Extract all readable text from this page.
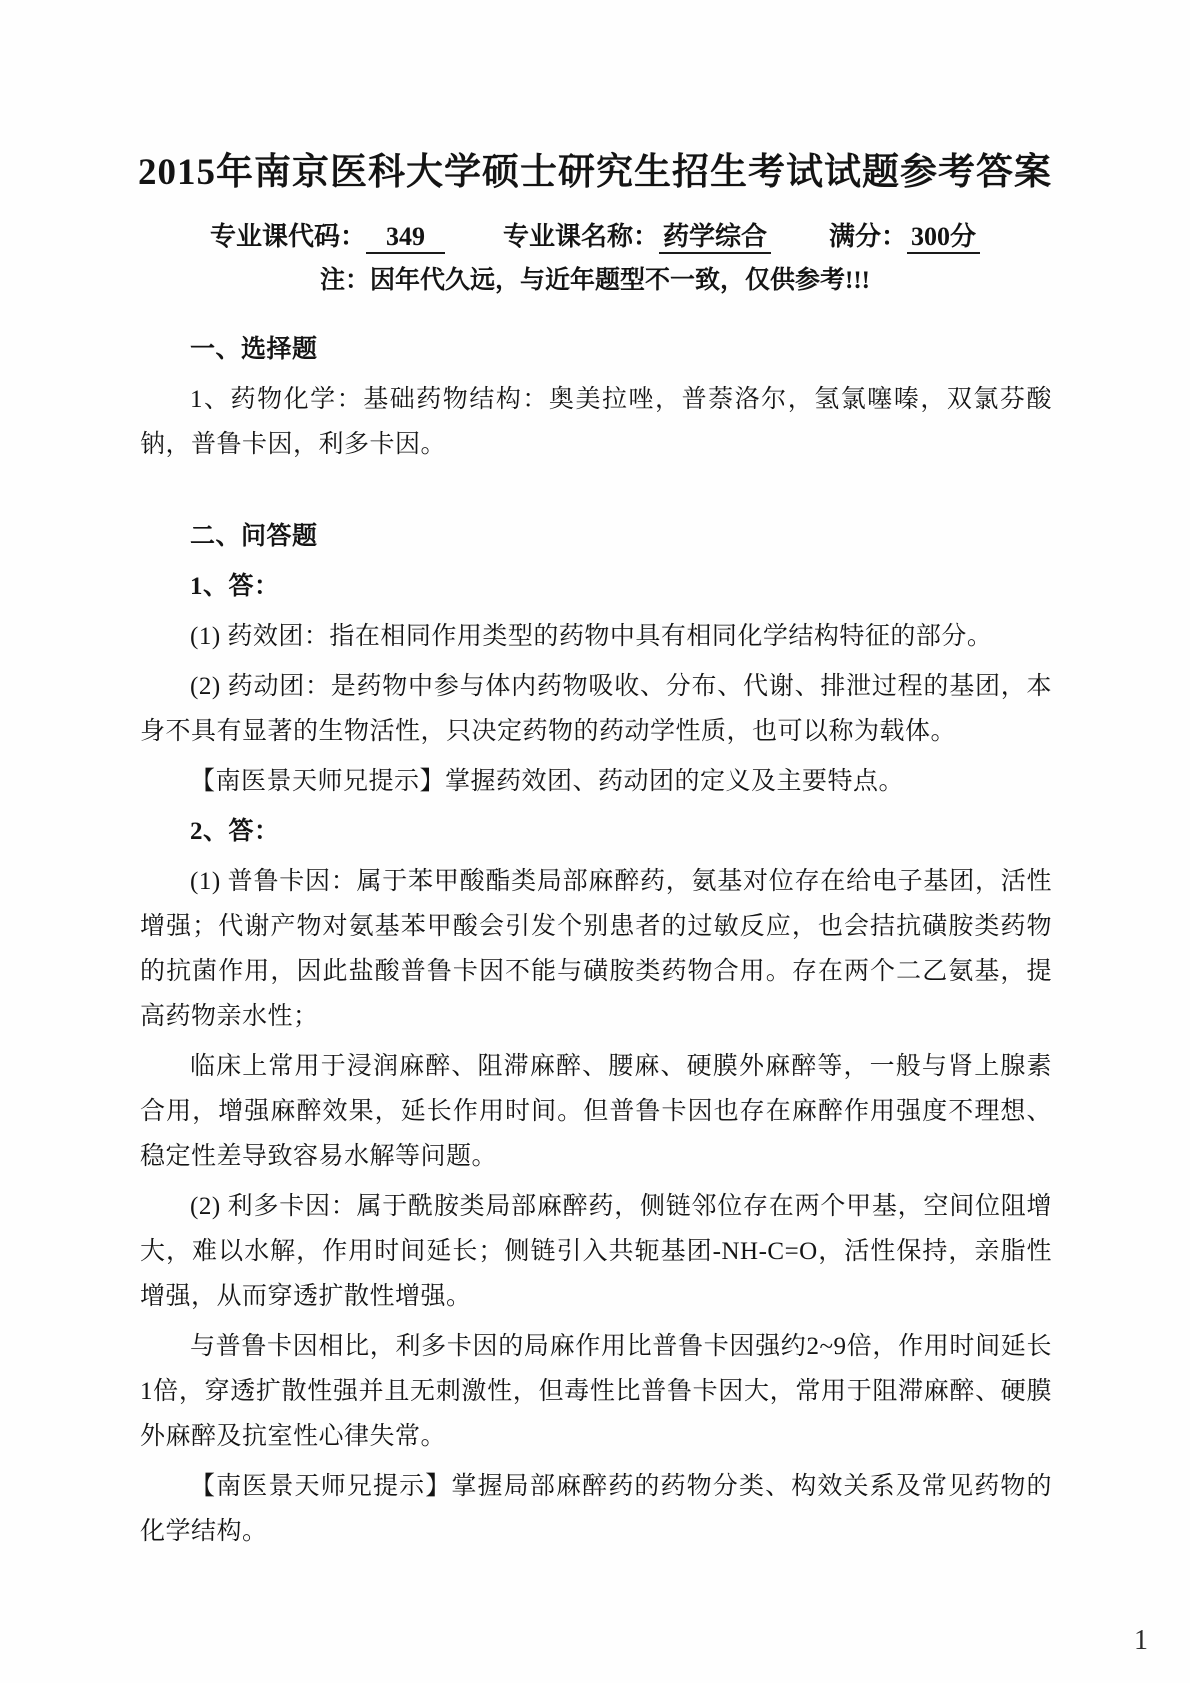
2015年南京医科大学硕士研究生招生考试试题参考答案
专业课代码： 349	专业课名称： 药学综合 满分： 300分
注：因年代久远，与近年题型不一致，仅供参考!!!

一、选择题

1、药物化学：基础药物结构：奥美拉唑，普萘洛尔，氢氯噻嗪，双氯芬酸钠，普鲁卡因，利多卡因。

二、问答题

1、答：

(1) 药效团：指在相同作用类型的药物中具有相同化学结构特征的部分。

(2) 药动团：是药物中参与体内药物吸收、分布、代谢、排泄过程的基团，本身不具有显著的生物活性，只决定药物的药动学性质，也可以称为载体。

【南医景天师兄提示】掌握药效团、药动团的定义及主要特点。

2、答：

(1) 普鲁卡因：属于苯甲酸酯类局部麻醉药，氨基对位存在给电子基团，活性增强；代谢产物对氨基苯甲酸会引发个别患者的过敏反应，也会拮抗磺胺类药物的抗菌作用，因此盐酸普鲁卡因不能与磺胺类药物合用。存在两个二乙氨基，提高药物亲水性；

临床上常用于浸润麻醉、阻滞麻醉、腰麻、硬膜外麻醉等，一般与肾上腺素合用，增强麻醉效果，延长作用时间。但普鲁卡因也存在麻醉作用强度不理想、稳定性差导致容易水解等问题。

(2) 利多卡因：属于酰胺类局部麻醉药，侧链邻位存在两个甲基，空间位阻增大，难以水解，作用时间延长；侧链引入共轭基团-NH-C=O，活性保持，亲脂性增强，从而穿透扩散性增强。

与普鲁卡因相比，利多卡因的局麻作用比普鲁卡因强约2~9倍，作用时间延长1倍，穿透扩散性强并且无刺激性，但毒性比普鲁卡因大，常用于阻滞麻醉、硬膜外麻醉及抗室性心律失常。

【南医景天师兄提示】掌握局部麻醉药的药物分类、构效关系及常见药物的化学结构。

1
